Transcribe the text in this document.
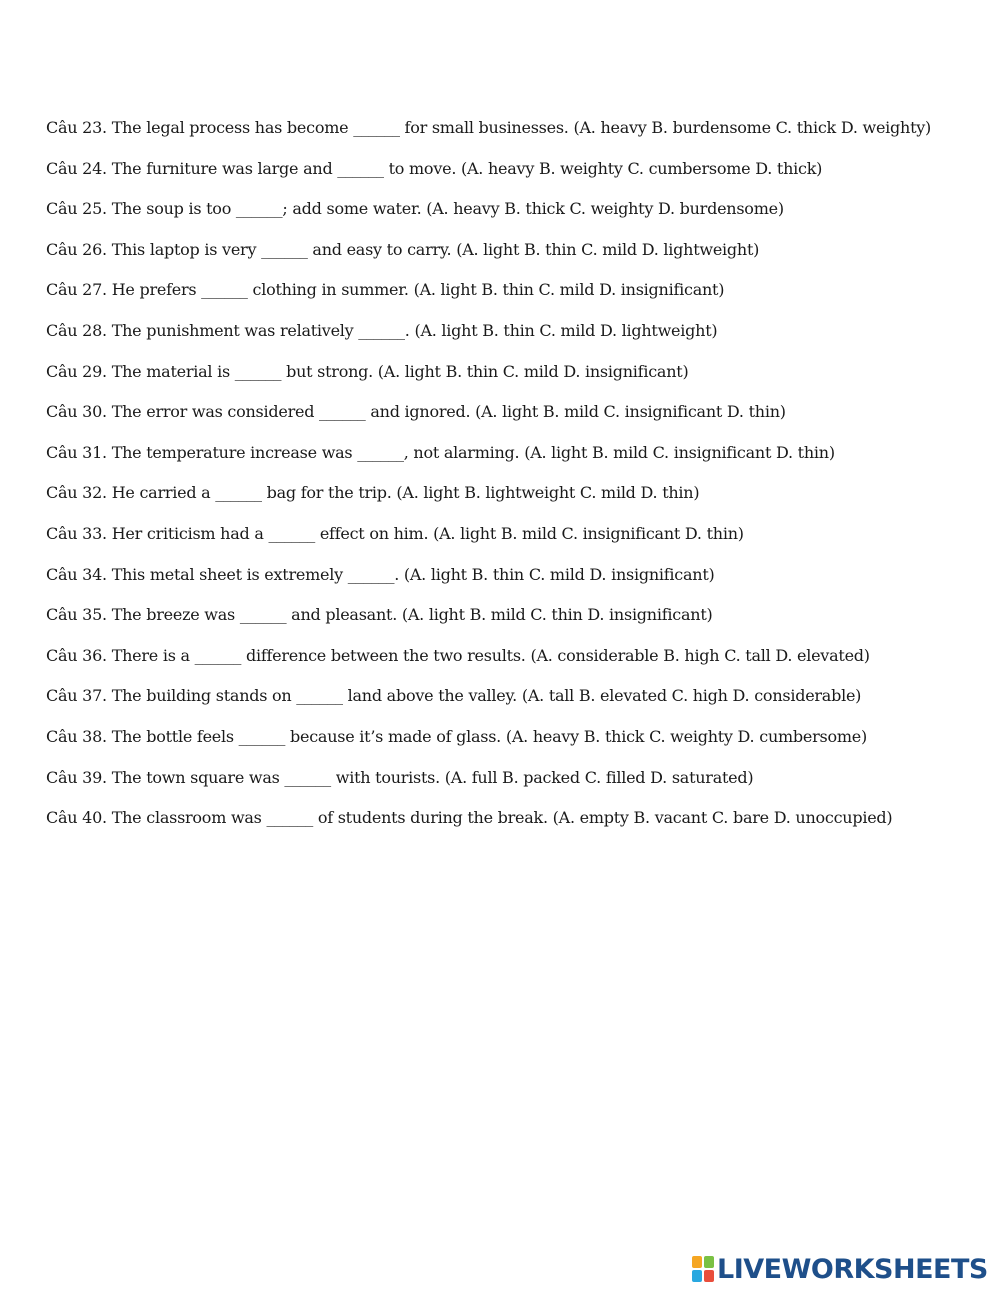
Câu 23. The legal process has become ______ for small businesses. (A. heavy B. burdensome C. thick D. weighty)
Câu 24. The furniture was large and ______ to move. (A. heavy B. weighty C. cumbersome D. thick)
Câu 25. The soup is too ______; add some water. (A. heavy B. thick C. weighty D. burdensome)
Câu 26. This laptop is very ______ and easy to carry. (A. light B. thin C. mild D. lightweight)
Câu 27. He prefers ______ clothing in summer. (A. light B. thin C. mild D. insignificant)
Câu 28. The punishment was relatively ______. (A. light B. thin C. mild D. lightweight)
Câu 29. The material is ______ but strong. (A. light B. thin C. mild D. insignificant)
Câu 30. The error was considered ______ and ignored. (A. light B. mild C. insignificant D. thin)
Câu 31. The temperature increase was ______, not alarming. (A. light B. mild C. insignificant D. thin)
Câu 32. He carried a ______ bag for the trip. (A. light B. lightweight C. mild D. thin)
Câu 33. Her criticism had a ______ effect on him. (A. light B. mild C. insignificant D. thin)
Câu 34. This metal sheet is extremely ______. (A. light B. thin C. mild D. insignificant)
Câu 35. The breeze was ______ and pleasant. (A. light B. mild C. thin D. insignificant)
Câu 36. There is a ______ difference between the two results. (A. considerable B. high C. tall D. elevated)
Câu 37. The building stands on ______ land above the valley. (A. tall B. elevated C. high D. considerable)
Câu 38. The bottle feels ______ because it’s made of glass. (A. heavy B. thick C. weighty D. cumbersome)
Câu 39. The town square was ______ with tourists. (A. full B. packed C. filled D. saturated)
Câu 40. The classroom was ______ of students during the break. (A. empty B. vacant C. bare D. unoccupied)
LIVEWORKSHEETS
